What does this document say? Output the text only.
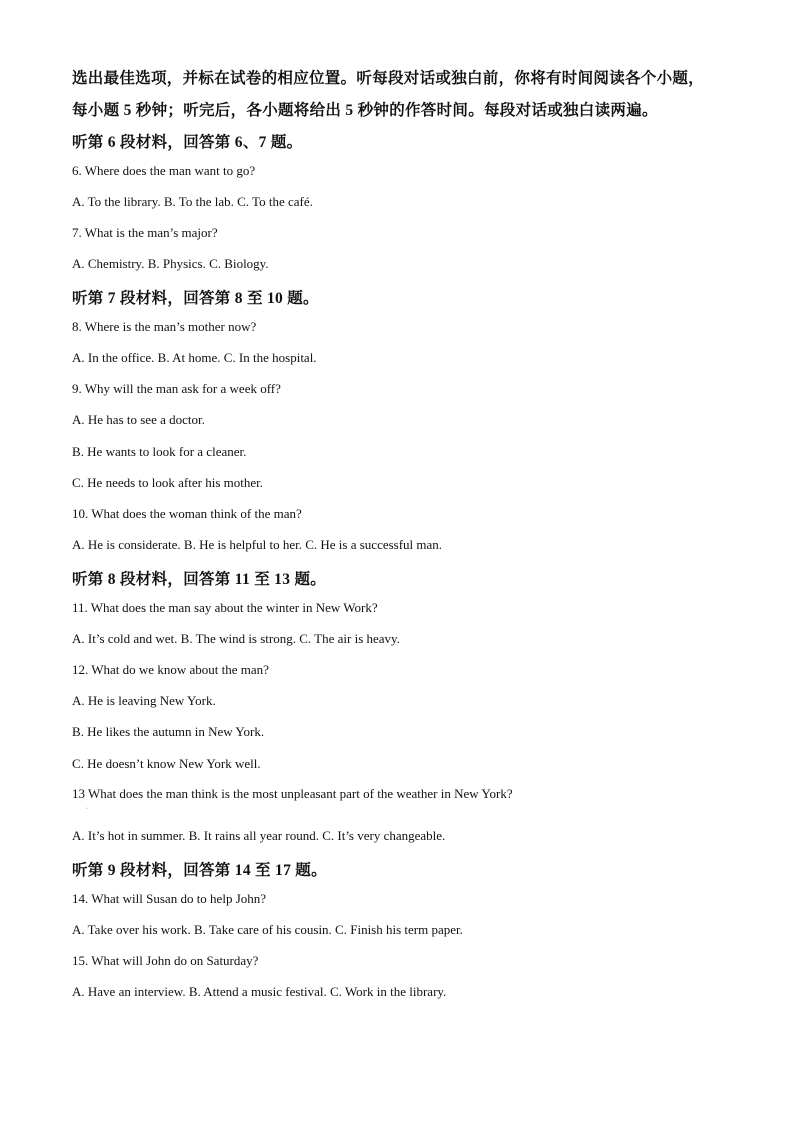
选出最佳选项，并标在试卷的相应位置。听每段对话或独白前，你将有时间阅读各个小题，
每小题 5 秒钟；听完后，各小题将给出 5 秒钟的作答时间。每段对话或独白读两遍。
听第 6 段材料，回答第 6、7 题。
6. Where does the man want to go?
A. To the library. B. To the lab. C. To the café.
7. What is the man’s major?
A. Chemistry. B. Physics. C. Biology.
听第 7 段材料，回答第 8 至 10 题。
8. Where is the man’s mother now?
A. In the office. B. At home. C. In the hospital.
9. Why will the man ask for a week off?
A. He has to see a doctor.
B. He wants to look for a cleaner.
C. He needs to look after his mother.
10. What does the woman think of the man?
A. He is considerate. B. He is helpful to her. C. He is a successful man.
听第 8 段材料，回答第 11 至 13 题。
11. What does the man say about the winter in New Work?
A. It’s cold and wet. B. The wind is strong. C. The air is heavy.
12. What do we know about the man?
A. He is leaving New York.
B. He likes the autumn in New York.
C. He doesn’t know New York well.
13 What does the man think is the most unpleasant part of the weather in New York?
·
A. It’s hot in summer. B. It rains all year round. C. It’s very changeable.
听第 9 段材料，回答第 14 至 17 题。
14. What will Susan do to help John?
A. Take over his work. B. Take care of his cousin. C. Finish his term paper.
15. What will John do on Saturday?
A. Have an interview. B. Attend a music festival. C. Work in the library.
